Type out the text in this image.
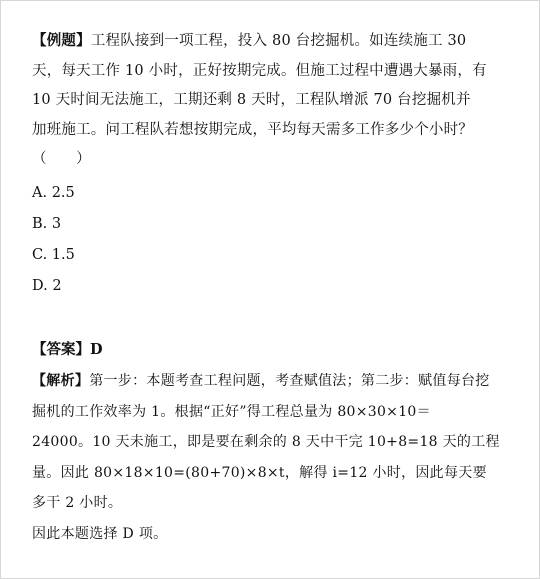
【例题】工程队接到一项工程，投入 80 台挖掘机。如连续施工 30

天，每天工作 10 小时，正好按期完成。但施工过程中遭遇大暴雨，有

10 天时间无法施工，工期还剩 8 天时，工程队增派 70 台挖掘机并

加班施工。问工程队若想按期完成，平均每天需多工作多少个小时？

（　　）

A. 2.5
B. 3
C. 1.5
D. 2
【答案】D
【解析】第一步：本题考查工程问题，考查赋值法；第二步：赋值每台挖
掘机的工作效率为 1。根据“正好”得工程总量为 80×30×10＝
24000。10 天未施工，即是要在剩余的 8 天中干完 10+8=18 天的工程
量。因此 80×18×10=(80+70)×8×t，解得 i=12 小时，因此每天要
多干 2 小时。
因此本题选择 D 项。
